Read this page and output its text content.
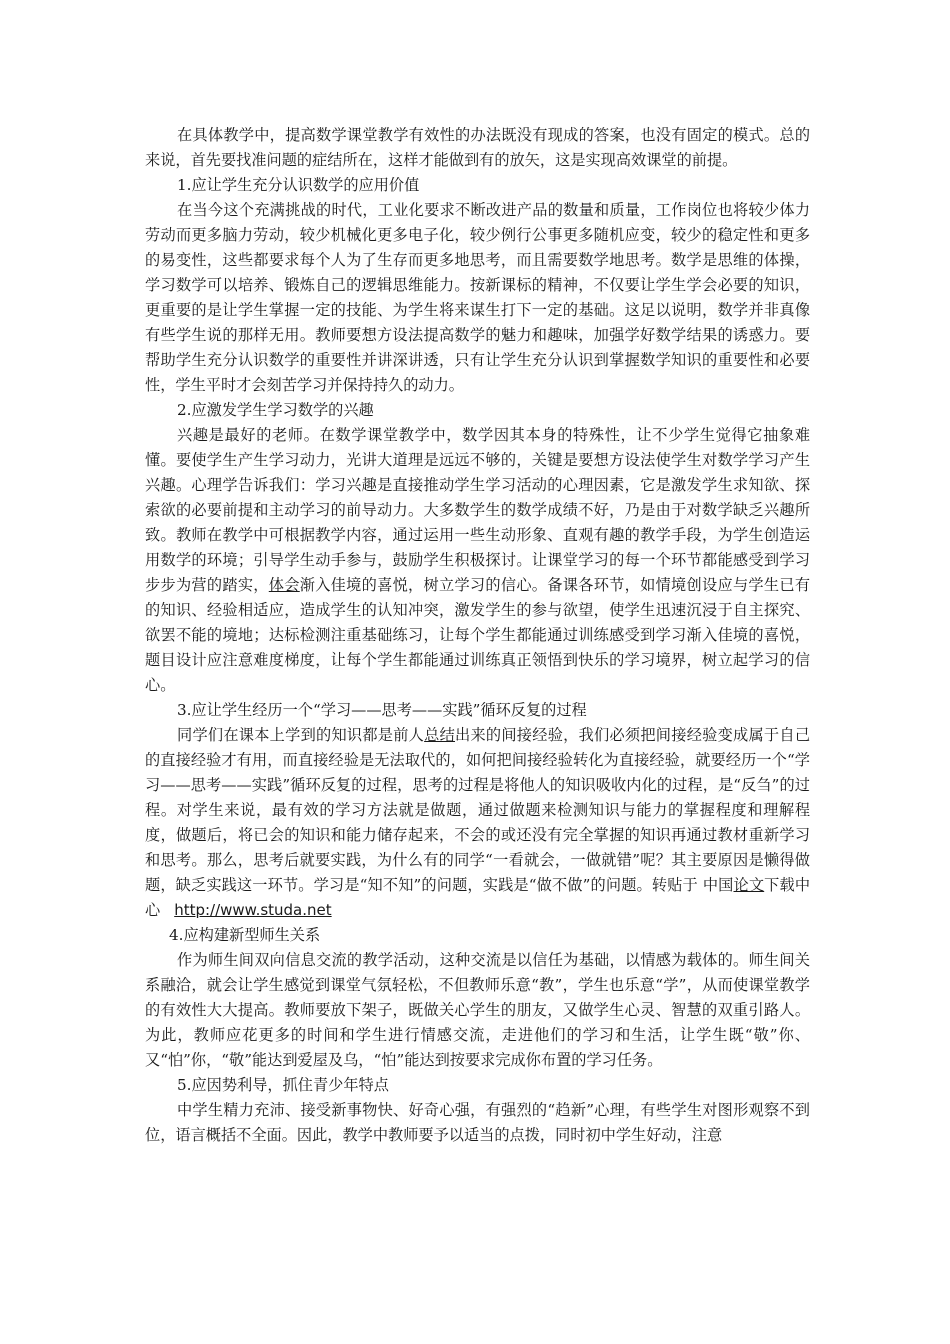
在具体教学中，提高数学课堂教学有效性的办法既没有现成的答案，也没有固定的模式。总的来说，首先要找准问题的症结所在，这样才能做到有的放矢，这是实现高效课堂的前提。
1.应让学生充分认识数学的应用价值
在当今这个充满挑战的时代，工业化要求不断改进产品的数量和质量，工作岗位也将较少体力劳动而更多脑力劳动，较少机械化更多电子化，较少例行公事更多随机应变，较少的稳定性和更多的易变性，这些都要求每个人为了生存而更多地思考，而且需要数学地思考。数学是思维的体操，学习数学可以培养、锻炼自己的逻辑思维能力。按新课标的精神，不仅要让学生学会必要的知识，更重要的是让学生掌握一定的技能、为学生将来谋生打下一定的基础。这足以说明，数学并非真像有些学生说的那样无用。教师要想方设法提高数学的魅力和趣味，加强学好数学结果的诱惑力。要帮助学生充分认识数学的重要性并讲深讲透，只有让学生充分认识到掌握数学知识的重要性和必要性，学生平时才会刻苦学习并保持持久的动力。
2.应激发学生学习数学的兴趣
兴趣是最好的老师。在数学课堂教学中，数学因其本身的特殊性，让不少学生觉得它抽象难懂。要使学生产生学习动力，光讲大道理是远远不够的，关键是要想方设法使学生对数学学习产生兴趣。心理学告诉我们：学习兴趣是直接推动学生学习活动的心理因素，它是激发学生求知欲、探索欲的必要前提和主动学习的前导动力。大多数学生的数学成绩不好，乃是由于对数学缺乏兴趣所致。教师在教学中可根据教学内容，通过运用一些生动形象、直观有趣的教学手段，为学生创造运用数学的环境；引导学生动手参与，鼓励学生积极探讨。让课堂学习的每一个环节都能感受到学习步步为营的踏实，体会渐入佳境的喜悦，树立学习的信心。备课各环节，如情境创设应与学生已有的知识、经验相适应，造成学生的认知冲突，激发学生的参与欲望，使学生迅速沉浸于自主探究、欲罢不能的境地；达标检测注重基础练习，让每个学生都能通过训练感受到学习渐入佳境的喜悦，题目设计应注意难度梯度，让每个学生都能通过训练真正领悟到快乐的学习境界，树立起学习的信心。
3.应让学生经历一个“学习——思考——实践”循环反复的过程
同学们在课本上学到的知识都是前人总结出来的间接经验，我们必须把间接经验变成属于自己的直接经验才有用，而直接经验是无法取代的，如何把间接经验转化为直接经验，就要经历一个“学习——思考——实践”循环反复的过程，思考的过程是将他人的知识吸收内化的过程，是“反刍”的过程。对学生来说，最有效的学习方法就是做题，通过做题来检测知识与能力的掌握程度和理解程度，做题后，将已会的知识和能力储存起来，不会的或还没有完全掌握的知识再通过教材重新学习和思考。那么，思考后就要实践，为什么有的同学“一看就会，一做就错”呢？其主要原因是懒得做题，缺乏实践这一环节。学习是“知不知”的问题，实践是“做不做”的问题。转贴于 中国论文下载中心 http://www.studa.net
4.应构建新型师生关系
作为师生间双向信息交流的教学活动，这种交流是以信任为基础，以情感为载体的。师生间关系融洽，就会让学生感觉到课堂气氛轻松，不但教师乐意“教”，学生也乐意“学”，从而使课堂教学的有效性大大提高。教师要放下架子，既做关心学生的朋友，又做学生心灵、智慧的双重引路人。为此，教师应花更多的时间和学生进行情感交流，走进他们的学习和生活，让学生既“敬”你、又“怕”你，“敬”能达到爱屋及乌，“怕”能达到按要求完成你布置的学习任务。
5.应因势利导，抓住青少年特点
中学生精力充沛、接受新事物快、好奇心强，有强烈的“趋新”心理，有些学生对图形观察不到位，语言概括不全面。因此，教学中教师要予以适当的点拨，同时初中学生好动，注意
